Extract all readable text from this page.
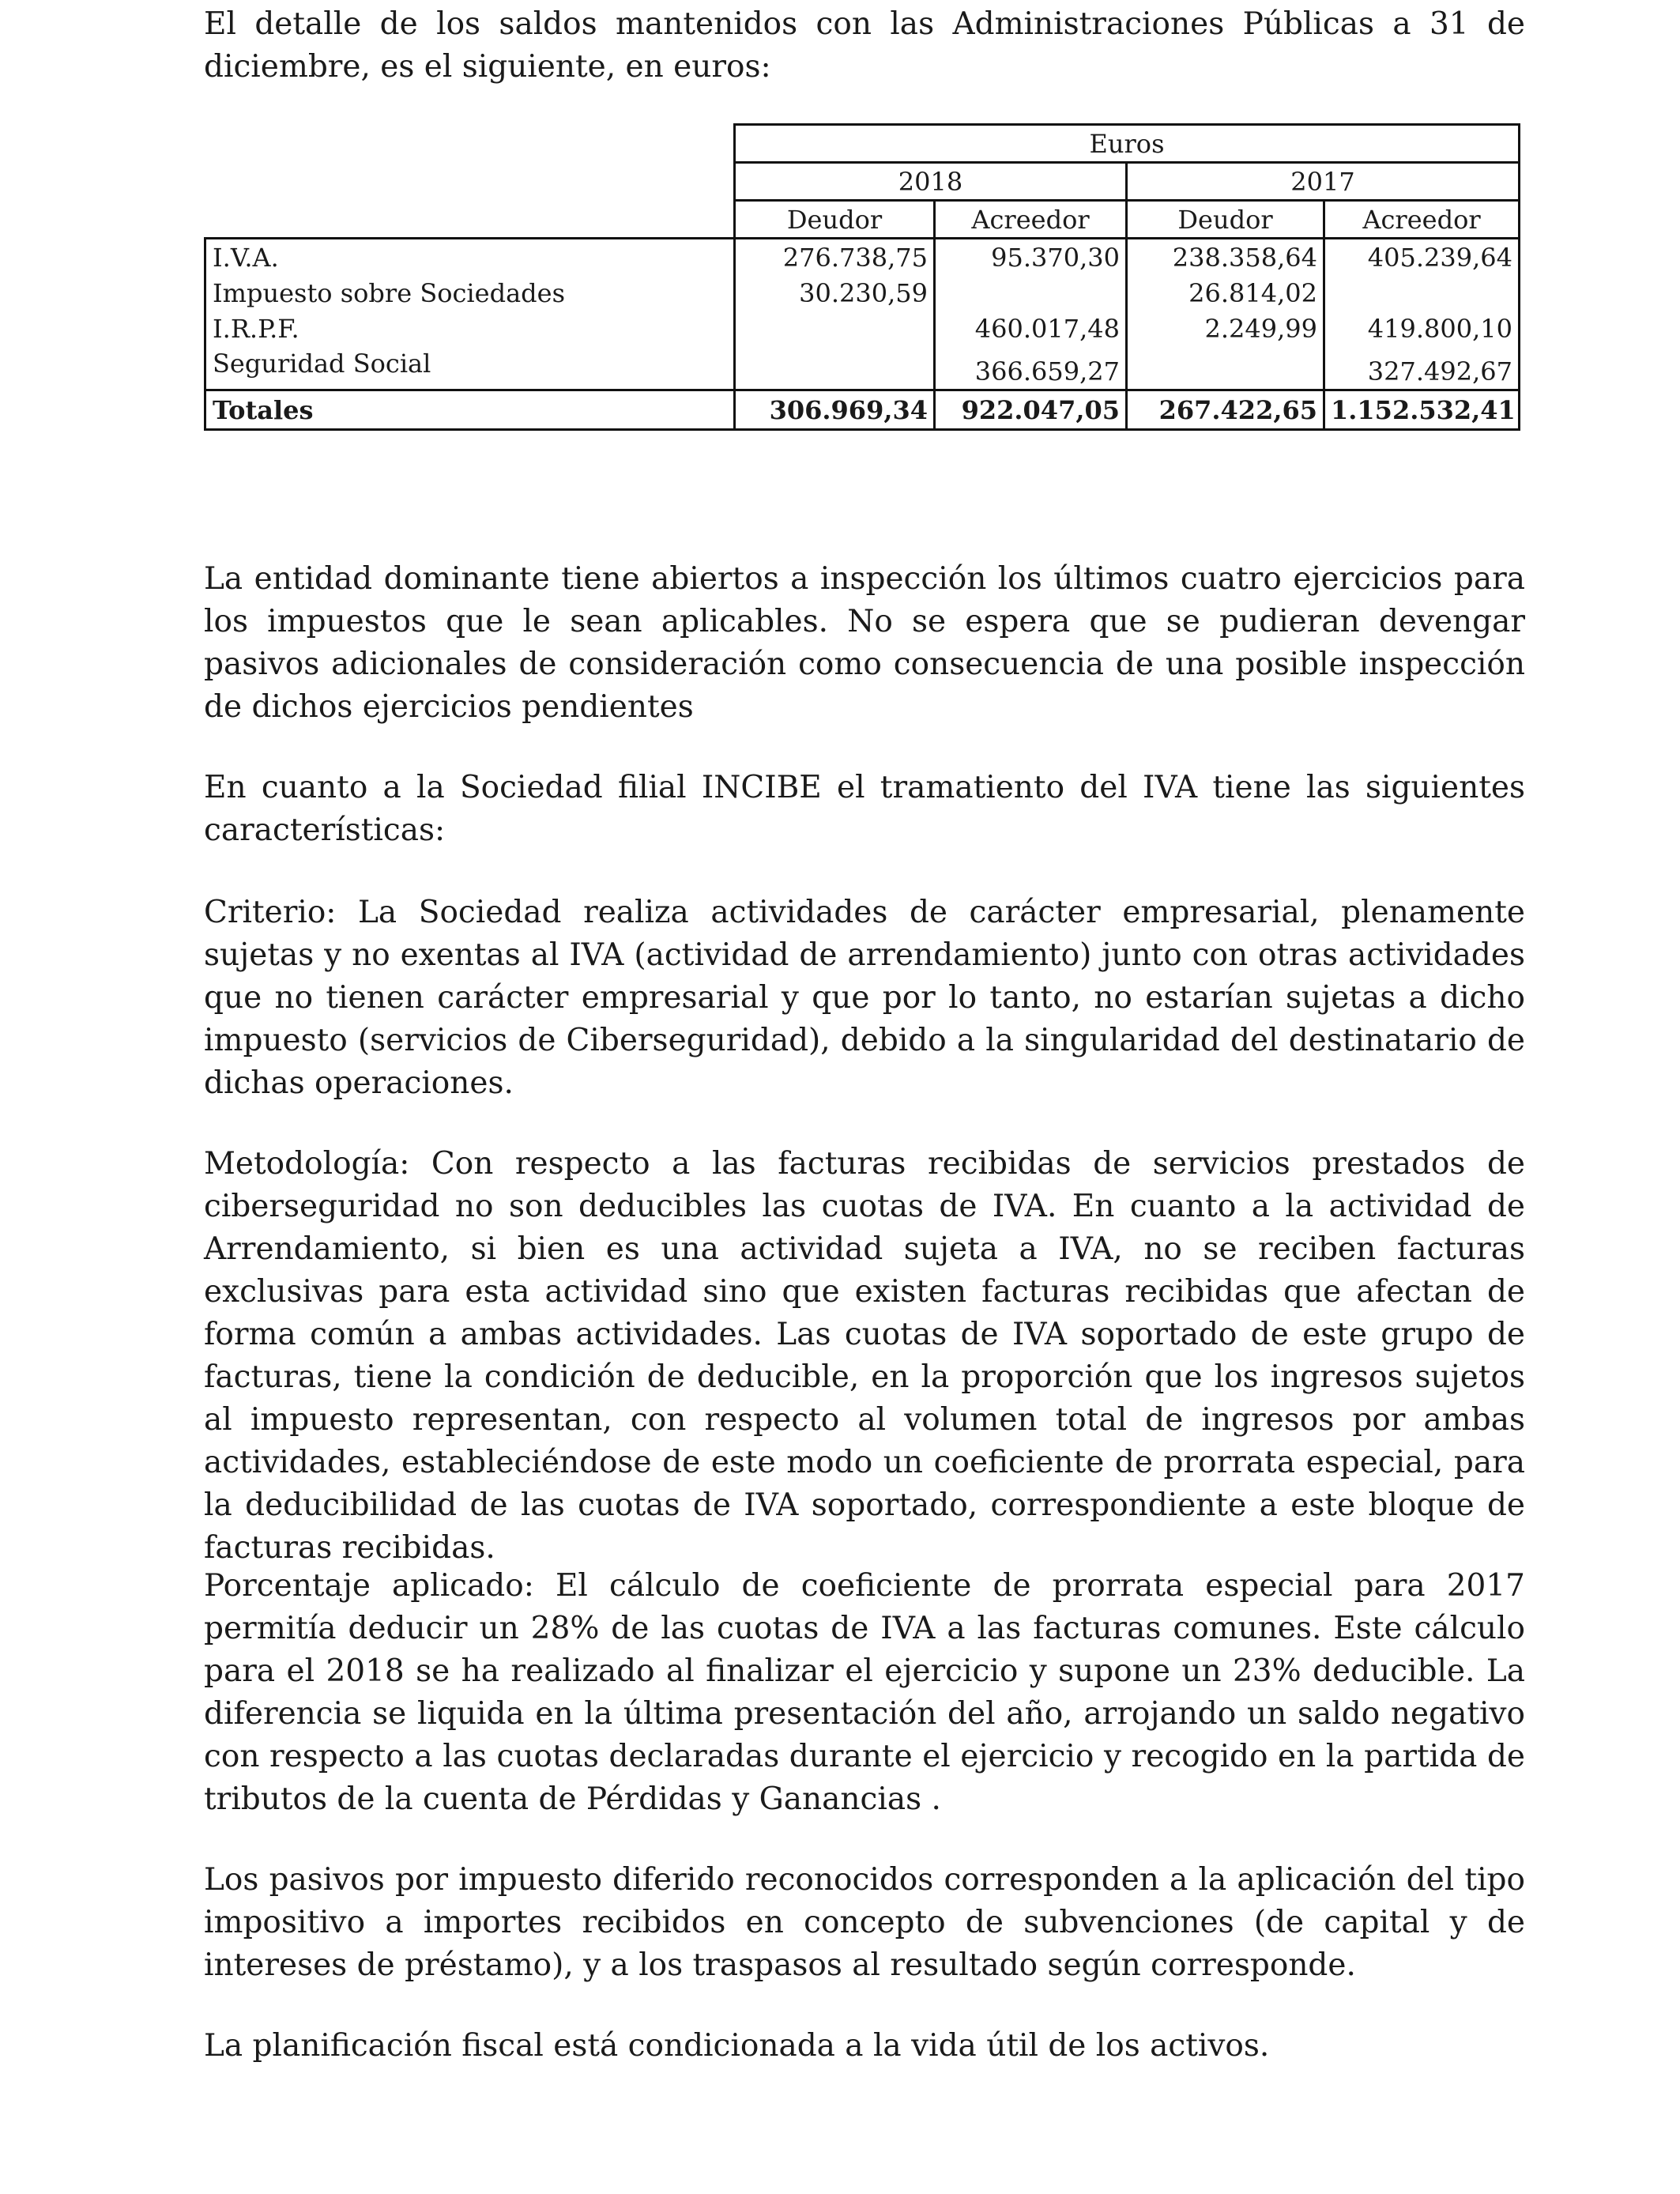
El detalle de los saldos mantenidos con las Administraciones Públicas a 31 de diciembre, es el siguiente, en euros:

	Euros			
	2018		2017	
	Deudor	Acreedor	Deudor	Acreedor
I.V.A.	276.738,75	95.370,30	238.358,64	405.239,64
Impuesto sobre Sociedades	30.230,59		26.814,02	
I.R.P.F.		460.017,48	2.249,99	419.800,10
Seguridad Social		366.659,27		327.492,67
Totales	306.969,34	922.047,05	267.422,65	1.152.532,41

La entidad dominante tiene abiertos a inspección los últimos cuatro ejercicios para los impuestos que le sean aplicables. No se espera que se pudieran devengar pasivos adicionales de consideración como consecuencia de una posible inspección de dichos ejercicios pendientes

En cuanto a la Sociedad filial INCIBE el tramatiento del IVA tiene las siguientes características:

Criterio: La Sociedad realiza actividades de carácter empresarial, plenamente sujetas y no exentas al IVA (actividad de arrendamiento) junto con otras actividades que no tienen carácter empresarial y que por lo tanto, no estarían sujetas a dicho impuesto (servicios de Ciberseguridad), debido a la singularidad del destinatario de dichas operaciones.

Metodología: Con respecto a las facturas recibidas de servicios prestados de ciberseguridad no son deducibles las cuotas de IVA. En cuanto a la actividad de Arrendamiento, si bien es una actividad sujeta a IVA, no se reciben facturas exclusivas para esta actividad sino que existen facturas recibidas que afectan de forma común a ambas actividades. Las cuotas de IVA soportado de este grupo de facturas, tiene la condición de deducible, en la proporción que los ingresos sujetos al impuesto representan, con respecto al volumen total de ingresos por ambas actividades, estableciéndose de este modo un coeficiente de prorrata especial, para la deducibilidad de las cuotas de IVA soportado, correspondiente a este bloque de facturas recibidas.

Porcentaje aplicado: El cálculo de coeficiente de prorrata especial para 2017 permitía deducir un 28% de las cuotas de IVA a las facturas comunes. Este cálculo para el 2018 se ha realizado al finalizar el ejercicio y supone un 23% deducible. La diferencia se liquida en la última presentación del año, arrojando un saldo negativo con respecto a las cuotas declaradas durante el ejercicio y recogido en la partida de tributos de la cuenta de Pérdidas y Ganancias .

Los pasivos por impuesto diferido reconocidos corresponden a la aplicación del tipo impositivo a importes recibidos en concepto de subvenciones (de capital y de intereses de préstamo), y a los traspasos al resultado según corresponde.

La planificación fiscal está condicionada a la vida útil de los activos.
